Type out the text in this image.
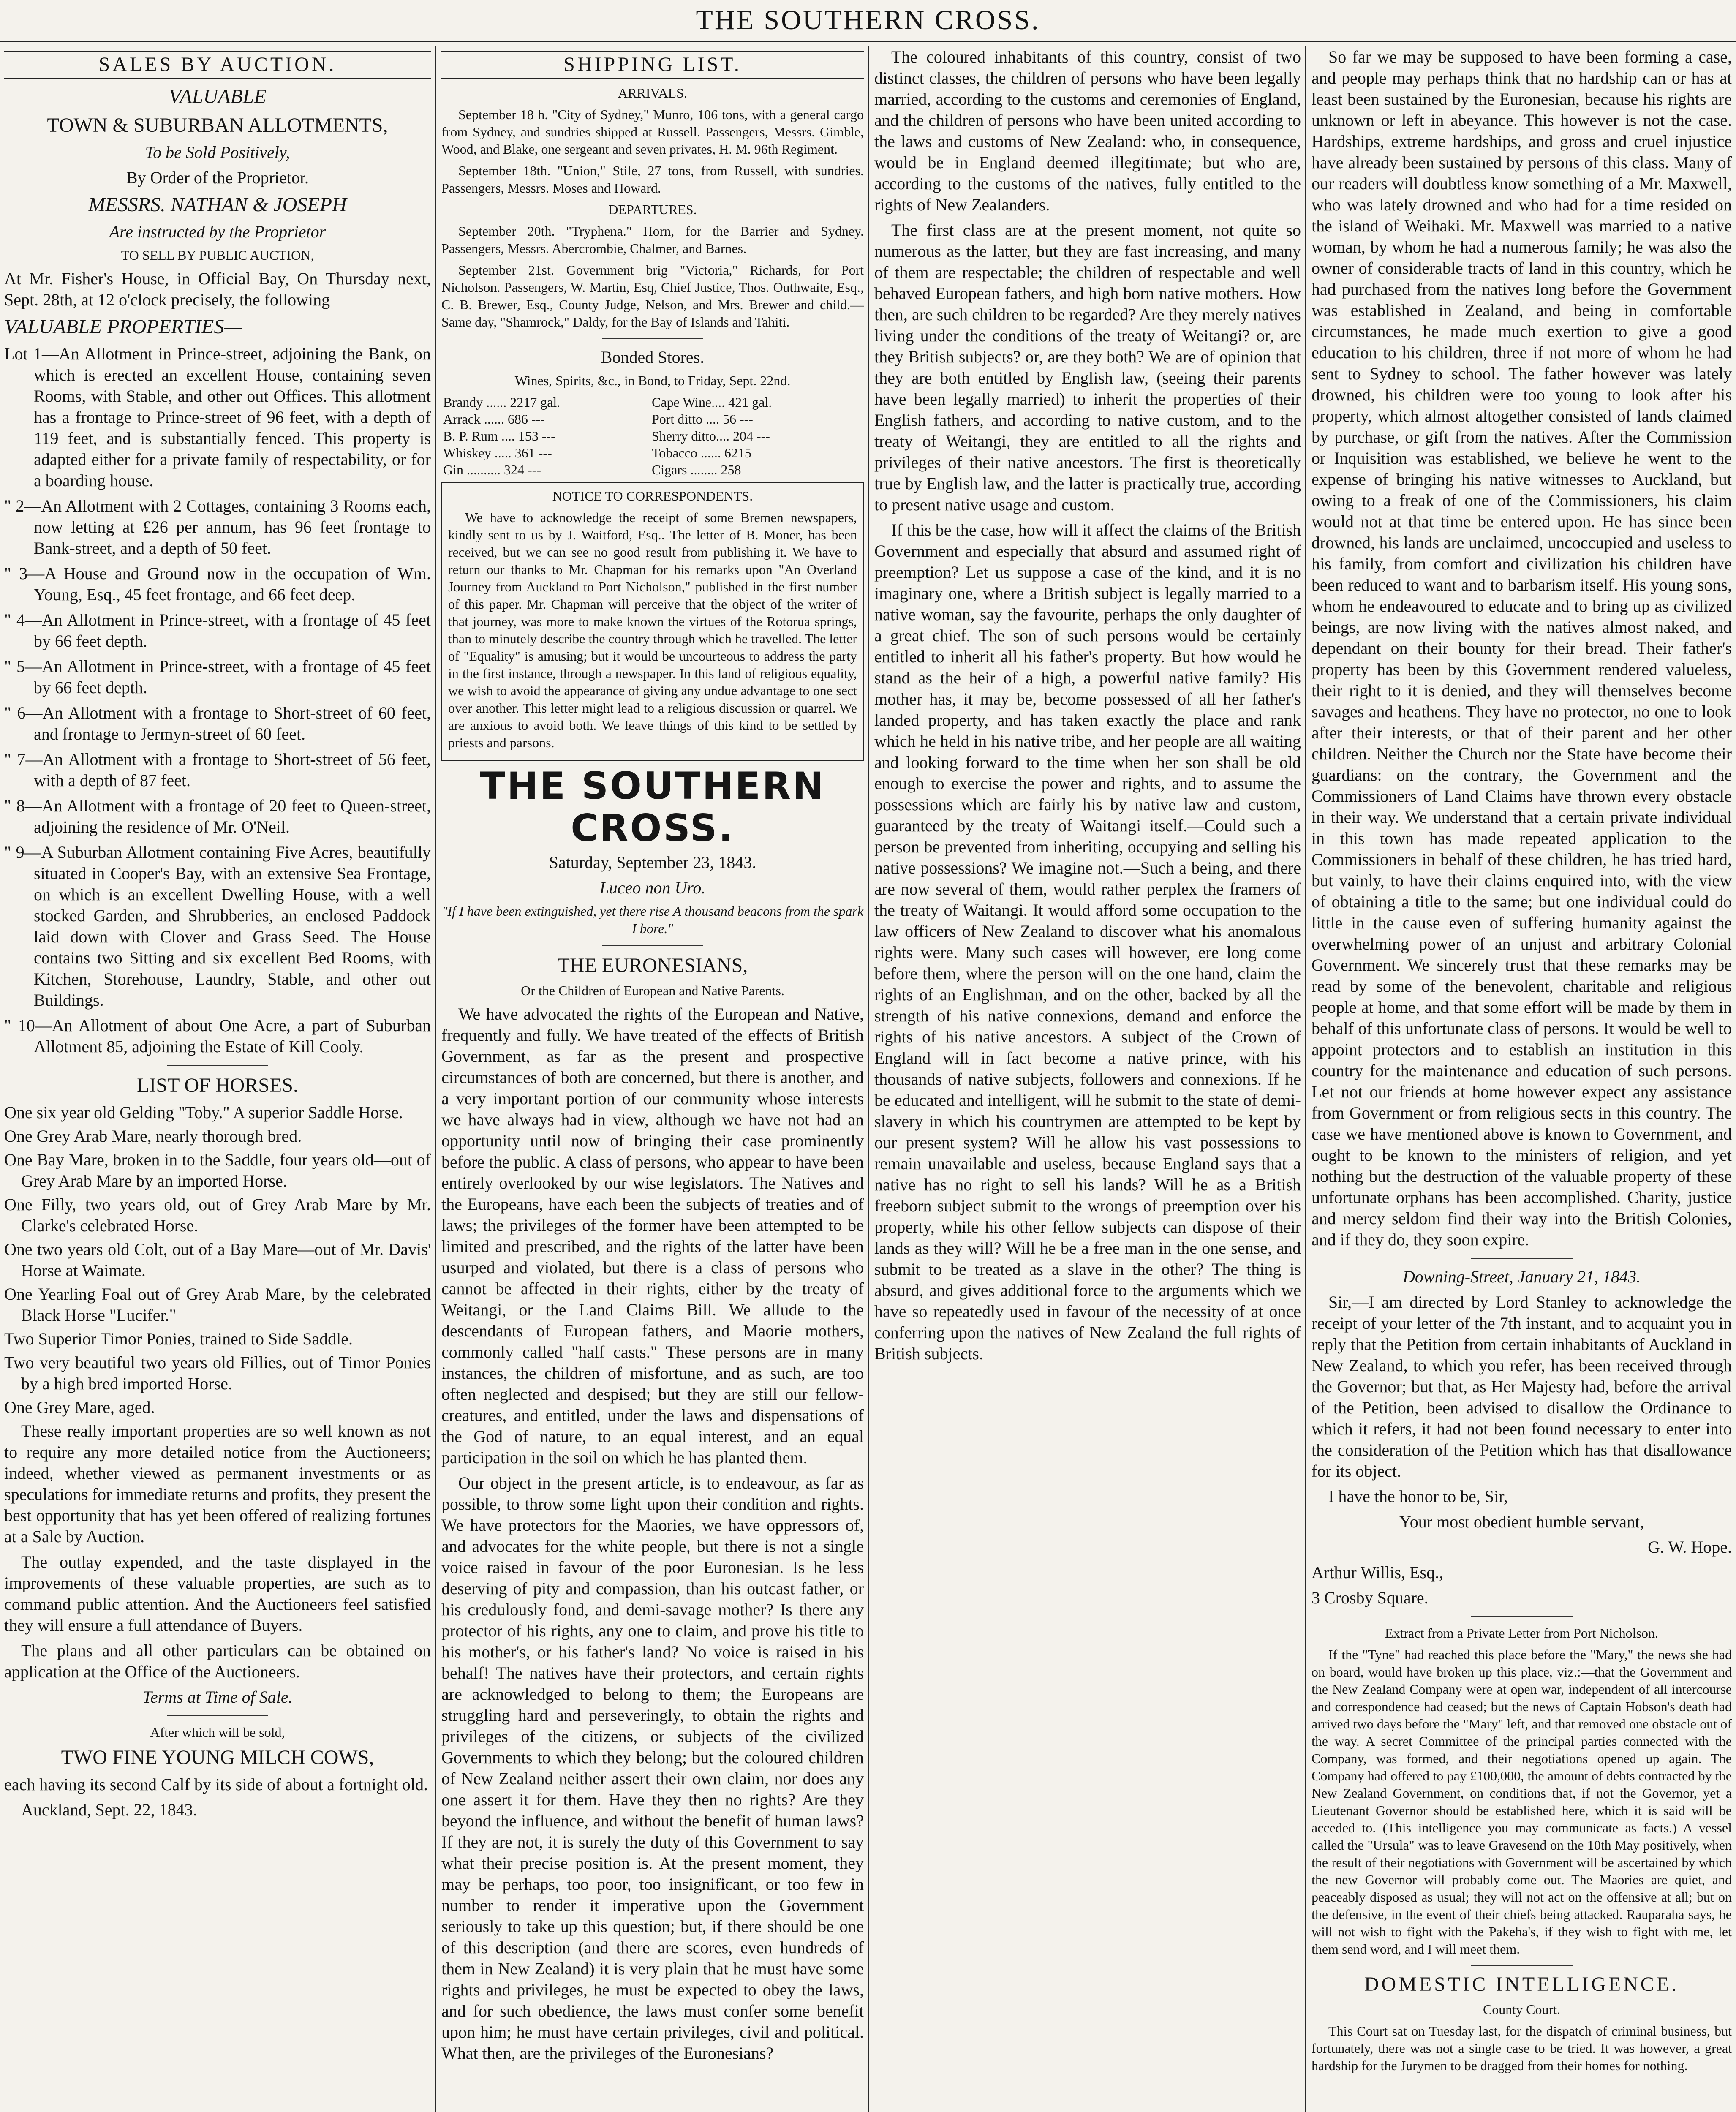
THE SOUTHERN CROSS.
SALES BY AUCTION.

VALUABLE

TOWN & SUBURBAN ALLOTMENTS,

To be Sold Positively,

By Order of the Proprietor.

MESSRS. NATHAN & JOSEPH

Are instructed by the Proprietor

TO SELL BY PUBLIC AUCTION,

At Mr. Fisher's House, in Official Bay, On Thursday next, Sept. 28th, at 12 o'clock precisely, the following

VALUABLE PROPERTIES—

Lot 1—An Allotment in Prince-street, adjoining the Bank, on which is erected an excellent House, containing seven Rooms, with Stable, and other out Offices. This allotment has a frontage to Prince-street of 96 feet, with a depth of 119 feet, and is substantially fenced. This property is adapted either for a private family of respectability, or for a boarding house.
" 2—An Allotment with 2 Cottages, containing 3 Rooms each, now letting at £26 per annum, has 96 feet frontage to Bank-street, and a depth of 50 feet.
" 3—A House and Ground now in the occupation of Wm. Young, Esq., 45 feet frontage, and 66 feet deep.
" 4—An Allotment in Prince-street, with a frontage of 45 feet by 66 feet depth.
" 5—An Allotment in Prince-street, with a frontage of 45 feet by 66 feet depth.
" 6—An Allotment with a frontage to Short-street of 60 feet, and frontage to Jermyn-street of 60 feet.
" 7—An Allotment with a frontage to Short-street of 56 feet, with a depth of 87 feet.
" 8—An Allotment with a frontage of 20 feet to Queen-street, adjoining the residence of Mr. O'Neil.
" 9—A Suburban Allotment containing Five Acres, beautifully situated in Cooper's Bay, with an extensive Sea Frontage, on which is an excellent Dwelling House, with a well stocked Garden, and Shrubberies, an enclosed Paddock laid down with Clover and Grass Seed. The House contains two Sitting and six excellent Bed Rooms, with Kitchen, Storehouse, Laundry, Stable, and other out Buildings.
" 10—An Allotment of about One Acre, a part of Suburban Allotment 85, adjoining the Estate of Kill Cooly.

LIST OF HORSES.

One six year old Gelding "Toby." A superior Saddle Horse.
One Grey Arab Mare, nearly thorough bred.
One Bay Mare, broken in to the Saddle, four years old—out of Grey Arab Mare by an imported Horse.
One Filly, two years old, out of Grey Arab Mare by Mr. Clarke's celebrated Horse.
One two years old Colt, out of a Bay Mare—out of Mr. Davis' Horse at Waimate.
One Yearling Foal out of Grey Arab Mare, by the celebrated Black Horse "Lucifer."
Two Superior Timor Ponies, trained to Side Saddle.
Two very beautiful two years old Fillies, out of Timor Ponies by a high bred imported Horse.
One Grey Mare, aged.

These really important properties are so well known as not to require any more detailed notice from the Auctioneers; indeed, whether viewed as permanent investments or as speculations for immediate returns and profits, they present the best opportunity that has yet been offered of realizing fortunes at a Sale by Auction.

The outlay expended, and the taste displayed in the improvements of these valuable properties, are such as to command public attention. And the Auctioneers feel satisfied they will ensure a full attendance of Buyers.

The plans and all other particulars can be obtained on application at the Office of the Auctioneers.

Terms at Time of Sale.

After which will be sold,

TWO FINE YOUNG MILCH COWS,

each having its second Calf by its side of about a fortnight old.

Auckland, Sept. 22, 1843.

SHIPPING LIST.

ARRIVALS.

September 18 h. "City of Sydney," Munro, 106 tons, with a general cargo from Sydney, and sundries shipped at Russell. Passengers, Messrs. Gimble, Wood, and Blake, one sergeant and seven privates, H. M. 96th Regiment.

September 18th. "Union," Stile, 27 tons, from Russell, with sundries. Passengers, Messrs. Moses and Howard.

DEPARTURES.

September 20th. "Tryphena." Horn, for the Barrier and Sydney. Passengers, Messrs. Abercrombie, Chalmer, and Barnes.

September 21st. Government brig "Victoria," Richards, for Port Nicholson. Passengers, W. Martin, Esq, Chief Justice, Thos. Outhwaite, Esq., C. B. Brewer, Esq., County Judge, Nelson, and Mrs. Brewer and child.—Same day, "Shamrock," Daldy, for the Bay of Islands and Tahiti.

Bonded Stores.

Wines, Spirits, &c., in Bond, to Friday, Sept. 22nd.

Brandy ...... 2217 gal.	Cape Wine.... 421 gal.
Arrack ...... 686 ---	Port ditto .... 56 ---
B. P. Rum .... 153 ---	Sherry ditto.... 204 ---
Whiskey ..... 361 ---	Tobacco ...... 6215
Gin .......... 324 ---	Cigars ........ 258

NOTICE TO CORRESPONDENTS.

We have to acknowledge the receipt of some Bremen newspapers, kindly sent to us by J. Waitford, Esq.. The letter of B. Moner, has been received, but we can see no good result from publishing it. We have to return our thanks to Mr. Chapman for his remarks upon "An Overland Journey from Auckland to Port Nicholson," published in the first number of this paper. Mr. Chapman will perceive that the object of the writer of that journey, was more to make known the virtues of the Rotorua springs, than to minutely describe the country through which he travelled. The letter of "Equality" is amusing; but it would be uncourteous to address the party in the first instance, through a newspaper. In this land of religious equality, we wish to avoid the appearance of giving any undue advantage to one sect over another. This letter might lead to a religious discussion or quarrel. We are anxious to avoid both. We leave things of this kind to be settled by priests and parsons.

THE SOUTHERN CROSS.

Saturday, September 23, 1843.

Luceo non Uro.

"If I have been extinguished, yet there rise A thousand beacons from the spark I bore."

THE EURONESIANS,

Or the Children of European and Native Parents.

We have advocated the rights of the European and Native, frequently and fully. We have treated of the effects of British Government, as far as the present and prospective circumstances of both are concerned, but there is another, and a very important portion of our community whose interests we have always had in view, although we have not had an opportunity until now of bringing their case prominently before the public. A class of persons, who appear to have been entirely overlooked by our wise legislators. The Natives and the Europeans, have each been the subjects of treaties and of laws; the privileges of the former have been attempted to be limited and prescribed, and the rights of the latter have been usurped and violated, but there is a class of persons who cannot be affected in their rights, either by the treaty of Weitangi, or the Land Claims Bill. We allude to the descendants of European fathers, and Maorie mothers, commonly called "half casts." These persons are in many instances, the children of misfortune, and as such, are too often neglected and despised; but they are still our fellow-creatures, and entitled, under the laws and dispensations of the God of nature, to an equal interest, and an equal participation in the soil on which he has planted them.

Our object in the present article, is to endeavour, as far as possible, to throw some light upon their condition and rights. We have protectors for the Maories, we have oppressors of, and advocates for the white people, but there is not a single voice raised in favour of the poor Euronesian. Is he less deserving of pity and compassion, than his outcast father, or his credulously fond, and demi-savage mother? Is there any protector of his rights, any one to claim, and prove his title to his mother's, or his father's land? No voice is raised in his behalf! The natives have their protectors, and certain rights are acknowledged to belong to them; the Europeans are struggling hard and perseveringly, to obtain the rights and privileges of the citizens, or subjects of the civilized Governments to which they belong; but the coloured children of New Zealand neither assert their own claim, nor does any one assert it for them. Have they then no rights? Are they beyond the influence, and without the benefit of human laws? If they are not, it is surely the duty of this Government to say what their precise position is. At the present moment, they may be perhaps, too poor, too insignificant, or too few in number to render it imperative upon the Government seriously to take up this question; but, if there should be one of this description (and there are scores, even hundreds of them in New Zealand) it is very plain that he must have some rights and privileges, he must be expected to obey the laws, and for such obedience, the laws must confer some benefit upon him; he must have certain privileges, civil and political. What then, are the privileges of the Euronesians?

The coloured inhabitants of this country, consist of two distinct classes, the children of persons who have been legally married, according to the customs and ceremonies of England, and the children of persons who have been united according to the laws and customs of New Zealand: who, in consequence, would be in England deemed illegitimate; but who are, according to the customs of the natives, fully entitled to the rights of New Zealanders.

The first class are at the present moment, not quite so numerous as the latter, but they are fast increasing, and many of them are respectable; the children of respectable and well behaved European fathers, and high born native mothers. How then, are such children to be regarded? Are they merely natives living under the conditions of the treaty of Weitangi? or, are they British subjects? or, are they both? We are of opinion that they are both entitled by English law, (seeing their parents have been legally married) to inherit the properties of their English fathers, and according to native custom, and to the treaty of Weitangi, they are entitled to all the rights and privileges of their native ancestors. The first is theoretically true by English law, and the latter is practically true, according to present native usage and custom.

If this be the case, how will it affect the claims of the British Government and especially that absurd and assumed right of preemption? Let us suppose a case of the kind, and it is no imaginary one, where a British subject is legally married to a native woman, say the favourite, perhaps the only daughter of a great chief. The son of such persons would be certainly entitled to inherit all his father's property. But how would he stand as the heir of a high, a powerful native family? His mother has, it may be, become possessed of all her father's landed property, and has taken exactly the place and rank which he held in his native tribe, and her people are all waiting and looking forward to the time when her son shall be old enough to exercise the power and rights, and to assume the possessions which are fairly his by native law and custom, guaranteed by the treaty of Waitangi itself.—Could such a person be prevented from inheriting, occupying and selling his native possessions? We imagine not.—Such a being, and there are now several of them, would rather perplex the framers of the treaty of Waitangi. It would afford some occupation to the law officers of New Zealand to discover what his anomalous rights were. Many such cases will however, ere long come before them, where the person will on the one hand, claim the rights of an Englishman, and on the other, backed by all the strength of his native connexions, demand and enforce the rights of his native ancestors. A subject of the Crown of England will in fact become a native prince, with his thousands of native subjects, followers and connexions. If he be educated and intelligent, will he submit to the state of demi-slavery in which his countrymen are attempted to be kept by our present system? Will he allow his vast possessions to remain unavailable and useless, because England says that a native has no right to sell his lands? Will he as a British freeborn subject submit to the wrongs of preemption over his property, while his other fellow subjects can dispose of their lands as they will? Will he be a free man in the one sense, and submit to be treated as a slave in the other? The thing is absurd, and gives additional force to the arguments which we have so repeatedly used in favour of the necessity of at once conferring upon the natives of New Zealand the full rights of British subjects.

So far we may be supposed to have been forming a case, and people may perhaps think that no hardship can or has at least been sustained by the Euronesian, because his rights are unknown or left in abeyance. This however is not the case. Hardships, extreme hardships, and gross and cruel injustice have already been sustained by persons of this class. Many of our readers will doubtless know something of a Mr. Maxwell, who was lately drowned and who had for a time resided on the island of Weihaki. Mr. Maxwell was married to a native woman, by whom he had a numerous family; he was also the owner of considerable tracts of land in this country, which he had purchased from the natives long before the Government was established in Zealand, and being in comfortable circumstances, he made much exertion to give a good education to his children, three if not more of whom he had sent to Sydney to school. The father however was lately drowned, his children were too young to look after his property, which almost altogether consisted of lands claimed by purchase, or gift from the natives. After the Commission or Inquisition was established, we believe he went to the expense of bringing his native witnesses to Auckland, but owing to a freak of one of the Commissioners, his claim would not at that time be entered upon. He has since been drowned, his lands are unclaimed, uncoccupied and useless to his family, from comfort and civilization his children have been reduced to want and to barbarism itself. His young sons, whom he endeavoured to educate and to bring up as civilized beings, are now living with the natives almost naked, and dependant on their bounty for their bread. Their father's property has been by this Government rendered valueless, their right to it is denied, and they will themselves become savages and heathens. They have no protector, no one to look after their interests, or that of their parent and her other children. Neither the Church nor the State have become their guardians: on the contrary, the Government and the Commissioners of Land Claims have thrown every obstacle in their way. We understand that a certain private individual in this town has made repeated application to the Commissioners in behalf of these children, he has tried hard, but vainly, to have their claims enquired into, with the view of obtaining a title to the same; but one individual could do little in the cause even of suffering humanity against the overwhelming power of an unjust and arbitrary Colonial Government. We sincerely trust that these remarks may be read by some of the benevolent, charitable and religious people at home, and that some effort will be made by them in behalf of this unfortunate class of persons. It would be well to appoint protectors and to establish an institution in this country for the maintenance and education of such persons. Let not our friends at home however expect any assistance from Government or from religious sects in this country. The case we have mentioned above is known to Government, and ought to be known to the ministers of religion, and yet nothing but the destruction of the valuable property of these unfortunate orphans has been accomplished. Charity, justice and mercy seldom find their way into the British Colonies, and if they do, they soon expire.

Downing-Street, January 21, 1843.

Sir,—I am directed by Lord Stanley to acknowledge the receipt of your letter of the 7th instant, and to acquaint you in reply that the Petition from certain inhabitants of Auckland in New Zealand, to which you refer, has been received through the Governor; but that, as Her Majesty had, before the arrival of the Petition, been advised to disallow the Ordinance to which it refers, it had not been found necessary to enter into the consideration of the Petition which has that disallowance for its object.

I have the honor to be, Sir,

Your most obedient humble servant,

G. W. Hope.

Arthur Willis, Esq.,

3 Crosby Square.

Extract from a Private Letter from Port Nicholson.

If the "Tyne" had reached this place before the "Mary," the news she had on board, would have broken up this place, viz.:—that the Government and the New Zealand Company were at open war, independent of all intercourse and correspondence had ceased; but the news of Captain Hobson's death had arrived two days before the "Mary" left, and that removed one obstacle out of the way. A secret Committee of the principal parties connected with the Company, was formed, and their negotiations opened up again. The Company had offered to pay £100,000, the amount of debts contracted by the New Zealand Government, on conditions that, if not the Governor, yet a Lieutenant Governor should be established here, which it is said will be acceded to. (This intelligence you may communicate as facts.) A vessel called the "Ursula" was to leave Gravesend on the 10th May positively, when the result of their negotiations with Government will be ascertained by which the new Governor will probably come out. The Maories are quiet, and peaceably disposed as usual; they will not act on the offensive at all; but on the defensive, in the event of their chiefs being attacked. Rauparaha says, he will not wish to fight with the Pakeha's, if they wish to fight with me, let them send word, and I will meet them.

DOMESTIC INTELLIGENCE.

County Court.

This Court sat on Tuesday last, for the dispatch of criminal business, but fortunately, there was not a single case to be tried. It was however, a great hardship for the Jurymen to be dragged from their homes for nothing.
